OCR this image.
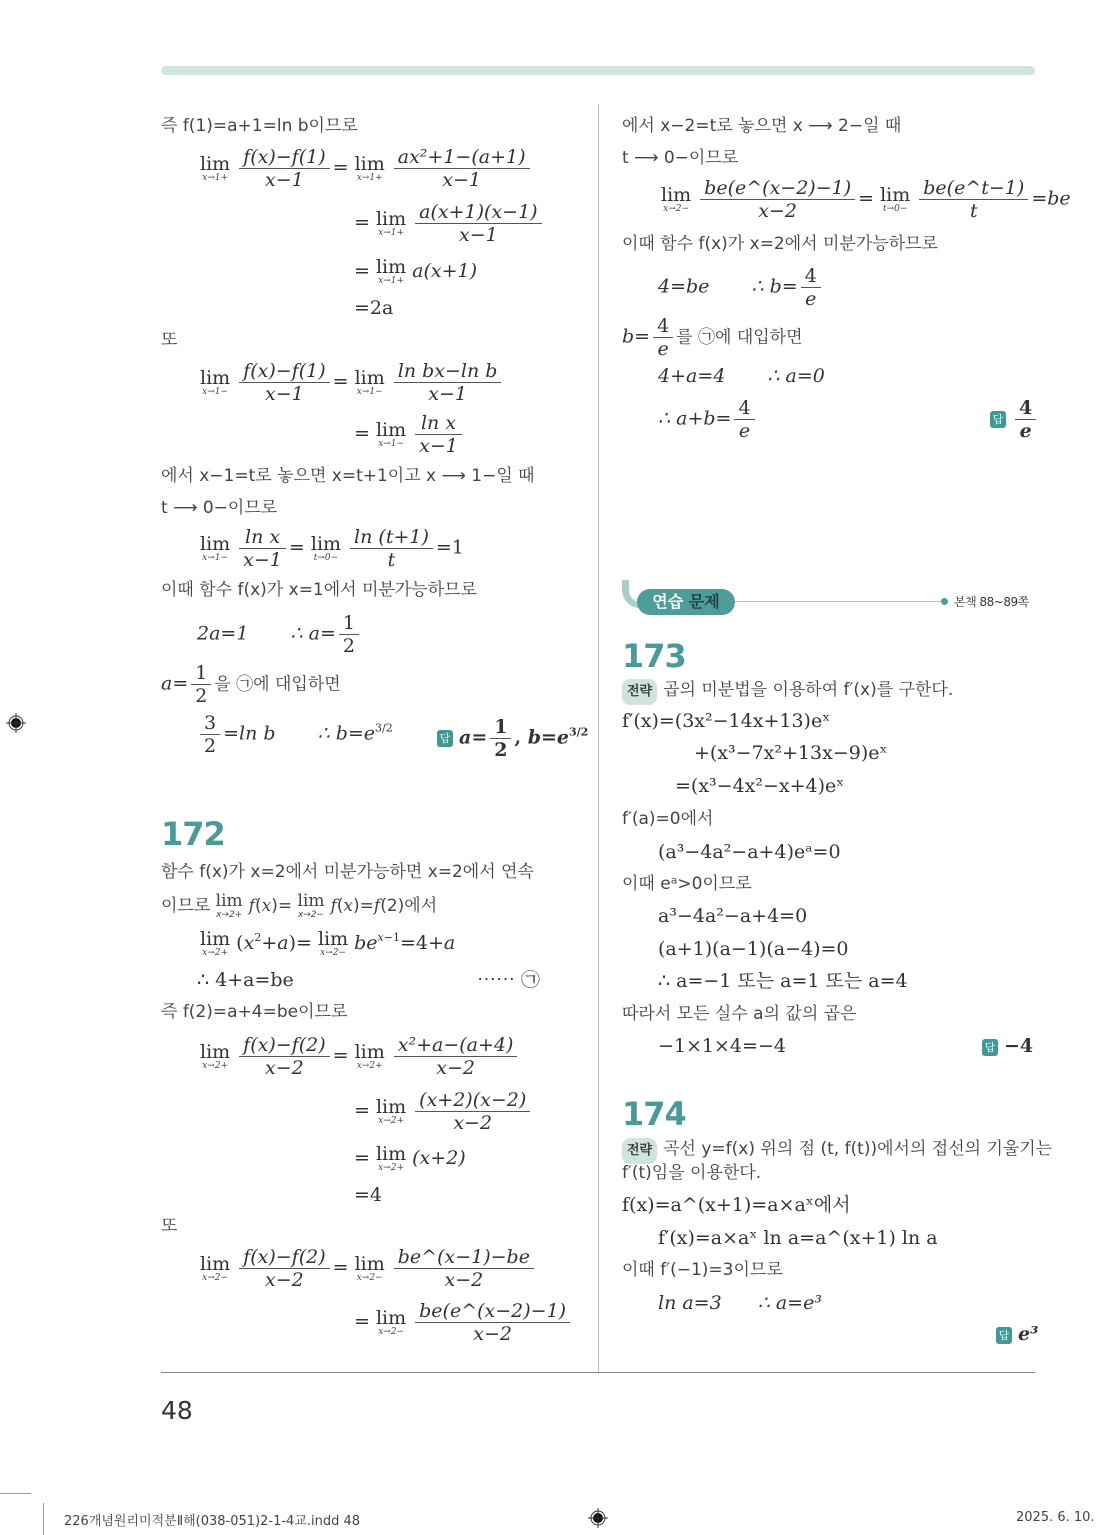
즉 f(1)=a+1=ln b이므로
lim
$x\to 1+ \frac{f(x)-f(1)}{x-1} = \lim$
$x\to 1+ \frac{\text{ax²+1−(a+1)}}{x-1}$
= lim
$x\to 1+ \frac{a(x+1)(x-1)}{x-1}$
= lim
x→1+ a(x+1)
=2a
또
lim
$x\to 1- \frac{f(x)-f(1)}{x-1} = \lim$
$x\to 1- \frac{\text{ln bx−ln b}}{x-1}$
= lim
$x\to 1- \frac{\text{ln x}}{x-1}$
에서 x−1=t로 놓으면 x=t+1이고 x ⟶ 1−일 때
t ⟶ 0−이므로
lim
$x\to 1- \frac{\text{ln x}}{x-1} = \lim$
$t\to 0- \frac{\ln (t+1)}{t} =1$
이때 함수 f(x)가 x=1에서 미분가능하므로
2a=1 ∴ $a= \frac{1}{2}$
$a= \frac{1}{2}$ 을 ㉠에 대입하면
$\frac{3}{2} =\ln$ b ∴ $b=e^{3/2}$
답 $a= \frac{1}{2}$ , $b=e^{3/2}$
172
함수 f(x)가 x=2에서 미분가능하면 x=2에서 연속
이므로 lim
x→2+ f(x)= lim
x→2− f(x)=f(2)에서
lim
$x\to 2+ (x^2+a)= \lim$
$x\to 2- be^{x-1}=4+a$
∴ 4+a=be	⋯⋯ ㉠
즉 f(2)=a+4=be이므로
lim
$x\to 2+ \frac{f(x)-f(2)}{x-2} = \lim$
$x\to 2+ \frac{\text{x²+a−(a+4)}}{x-2}$
= lim
$x\to 2+ \frac{(x+2)(x-2)}{x-2}$
= lim
x→2+ (x+2)
=4
또
lim
$x\to 2- \frac{f(x)-f(2)}{x-2} = \lim$
$x\to 2- \frac{be\^{}(x-1)-be}{x-2}$
= lim
$x\to 2- \frac{be(e\^{}(x-2)-1)}{x-2}$
에서 x−2=t로 놓으면 x ⟶ 2−일 때
t ⟶ 0−이므로
lim
$x\to 2- \frac{be(e\^{}(x-2)-1)}{x-2} = \lim$
$t\to 0- \frac{be(e\^{}t-1)}{t} =be$
이때 함수 f(x)가 x=2에서 미분가능하므로
4=be ∴ $b= \frac{4}{e}$
$b= \frac{4}{e}$ 를 ㉠에 대입하면
4+a=4 ∴ a=0
∴ $a+b= \frac{4}{e}$	답 $\frac{4}{e}$
연습 문제	본책 88~89쪽
173
전략 곱의 미분법을 이용하여 f′(x)를 구한다.
f′(x)=(3x²−14x+13)eˣ
+(x³−7x²+13x−9)eˣ
=(x³−4x²−x+4)eˣ
f′(a)=0에서
(a³−4a²−a+4)eᵃ=0
이때 eᵃ>0이므로
a³−4a²−a+4=0
(a+1)(a−1)(a−4)=0
∴ a=−1 또는 a=1 또는 a=4
따라서 모든 실수 a의 값의 곱은
−1×1×4=−4	답 −4
174
전략 곡선 y=f(x) 위의 점 (t, f(t))에서의 접선의 기울기는
f′(t)임을 이용한다.
f(x)=a^(x+1)=a×aˣ에서
f′(x)=a×aˣ ln a=a^(x+1) ln a
이때 f′(−1)=3이므로
ln a=3 ∴ a=e³
답 e³
48
226개념원리미적분Ⅱ해(038-051)2-1-4교.indd 48	2025. 6. 10.
